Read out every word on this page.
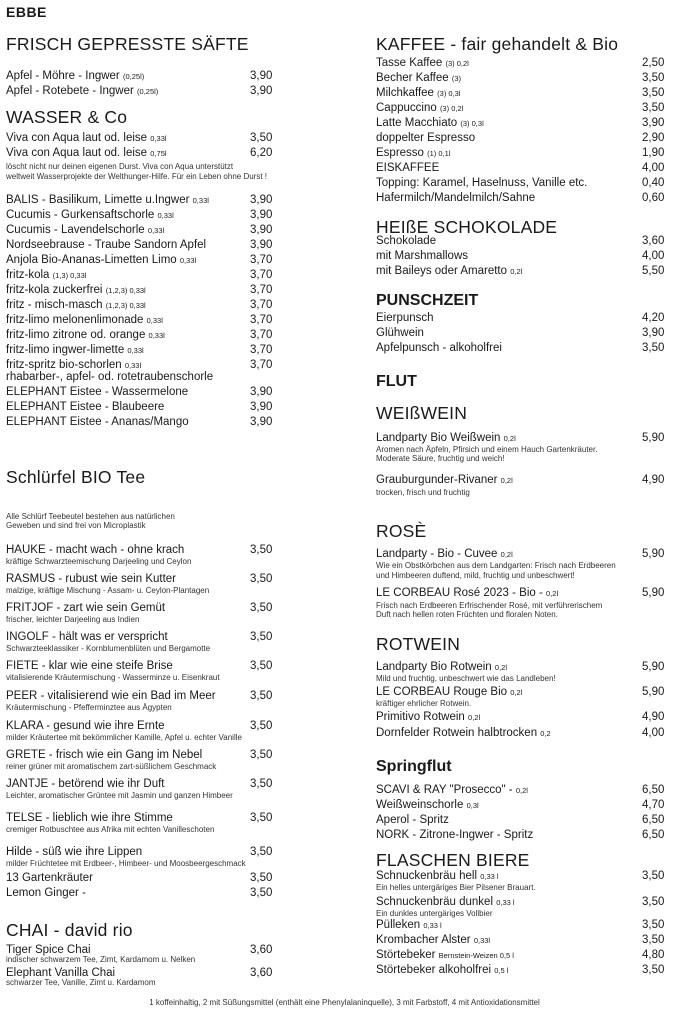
EBBE
FRISCH GEPRESSTE SÄFTE
Apfel - Möhre - Ingwer (0,25l)	3,90
Apfel - Rotebete - Ingwer (0,25l)	3,90
WASSER & Co
Viva con Aqua laut od. leise 0,33l	3,50
Viva con Aqua laut od. leise 0,75l	6,20
löscht nicht nur deinen eigenen Durst. Viva con Aqua unterstützt
weltweit Wasserprojekte der Welthunger-Hilfe. Für ein Leben ohne Durst !
BALIS - Basilikum, Limette u.Ingwer 0,33l	3,90
Cucumis - Gurkensaftschorle 0,33l	3,90
Cucumis - Lavendelschorle 0,33l	3,90
Nordseebrause - Traube Sandorn Apfel	3,90
Anjola Bio-Ananas-Limetten Limo 0,33l	3,70
fritz-kola (1,3) 0,33l	3,70
fritz-kola zuckerfrei (1,2,3) 0,33l	3,70
fritz - misch-masch (1,2,3) 0,33l	3,70
fritz-limo melonenlimonade 0,33l	3,70
fritz-limo zitrone od. orange 0,33l	3,70
fritz-limo ingwer-limette 0,33l	3,70
fritz-spritz bio-schorlen 0,33l	3,70
rhabarber-, apfel- od. rotetraubenschorle
ELEPHANT Eistee - Wassermelone	3,90
ELEPHANT Eistee - Blaubeere	3,90
ELEPHANT Eistee - Ananas/Mango	3,90
Schlürfel BIO Tee
Alle Schlürf Teebeutel bestehen aus natürlichen
Geweben und sind frei von Microplastik
HAUKE - macht wach - ohne krach	3,50
kräftige Schwarzteemischung Darjeeling und Ceylon
RASMUS - rubust wie sein Kutter	3,50
malzige, kräftige Mischung - Assam- u. Ceylon-Plantagen
FRITJOF - zart wie sein Gemüt	3,50
frischer, leichter Darjeeling aus Indien
INGOLF - hält was er verspricht	3,50
Schwarzteeklassiker - Kornblumenblüten und Bergamotte
FIETE - klar wie eine steife Brise	3,50
vitalisierende Kräutermischung - Wasserminze u. Eisenkraut
PEER - vitalisierend wie ein Bad im Meer	3,50
Kräutermischung - Pfefferminztee aus Ägypten
KLARA - gesund wie ihre Ernte	3,50
milder Kräutertee mit bekömmlicher Kamille, Apfel u. echter Vanille
GRETE - frisch wie ein Gang im Nebel	3,50
reiner grüner mit aromatischem zart-süßlichem Geschmack
JANTJE - betörend wie ihr Duft	3,50
Leichter, aromatischer Grüntee mit Jasmin und ganzen Himbeer
TELSE - lieblich wie ihre Stimme	3,50
cremiger Rotbuschtee aus Afrika mit echten Vanilleschoten
Hilde - süß wie ihre Lippen	3,50
milder Früchtetee mit Erdbeer-, Himbeer- und Moosbeergeschmack
13 Gartenkräuter	3,50
Lemon Ginger -	3,50
CHAI - david rio
Tiger Spice Chai	3,60
indischer schwarzem Tee, Zimt, Kardamom u. Nelken
Elephant Vanilla Chai	3,60
schwarzer Tee, Vanille, Zimt u. Kardamom
KAFFEE - fair gehandelt & Bio
Tasse Kaffee (3) 0,2l	2,50
Becher Kaffee (3)	3,50
Milchkaffee (3) 0,3l	3,50
Cappuccino (3) 0,2l	3,50
Latte Macchiato (3) 0,3l	3,90
doppelter Espresso	2,90
Espresso (1) 0,1l	1,90
EISKAFFEE	4,00
Topping: Karamel, Haselnuss, Vanille etc.	0,40
Hafermilch/Mandelmilch/Sahne	0,60
HEIßE SCHOKOLADE
Schokolade	3,60
mit Marshmallows	4,00
mit Baileys oder Amaretto 0,2l	5,50
PUNSCHZEIT
Eierpunsch	4,20
Glühwein	3,90
Apfelpunsch - alkoholfrei	3,50
FLUT
WEIßWEIN
Landparty Bio Weißwein 0,2l	5,90
Aromen nach Äpfeln, Pfirsich und einem Hauch Gartenkräuter.
Moderate Säure, fruchtig und weich!
Grauburgunder-Rivaner 0,2l	4,90
trocken, frisch und fruchtig
ROSÈ
Landparty - Bio - Cuvee 0,2l	5,90
Wie ein Obstkörbchen aus dem Landgarten: Frisch nach Erdbeeren
und Himbeeren duftend, mild, fruchtig und unbeschwert!
LE CORBEAU Rosé 2023 - Bio - 0,2l	5,90
Frisch nach Erdbeeren Erfrischender Rosé, mit verführerischem
Duft nach hellen roten Früchten und floralen Noten.
ROTWEIN
Landparty Bio Rotwein 0,2l	5,90
Mild und fruchtig, unbeschwert wie das Landleben!
LE CORBEAU Rouge Bio 0,2l	5,90
kräftiger ehrlicher Rotwein.
Primitivo Rotwein 0,2l	4,90
Dornfelder Rotwein halbtrocken 0,2	4,00
Springflut
SCAVI & RAY "Prosecco" - 0,2l	6,50
Weißweinschorle 0,3l	4,70
Aperol - Spritz	6,50
NORK - Zitrone-Ingwer - Spritz	6,50
FLASCHEN BIERE
Schnuckenbräu hell 0,33 l	3,50
Ein helles untergäriges Bier Pilsener Brauart.
Schnuckenbräu dunkel 0,33 l	3,50
Ein dunkles untergäriges Vollbier
Pülleken 0,33 l	3,50
Krombacher Alster 0,33l	3,50
Störtebeker Bernstein-Weizen 0,5 l	4,80
Störtebeker alkoholfrei 0,5 l	3,50
1 koffeinhaltig, 2 mit Süßungsmittel (enthält eine Phenylalaninquelle), 3 mit Farbstoff, 4 mit Antioxidationsmittel
